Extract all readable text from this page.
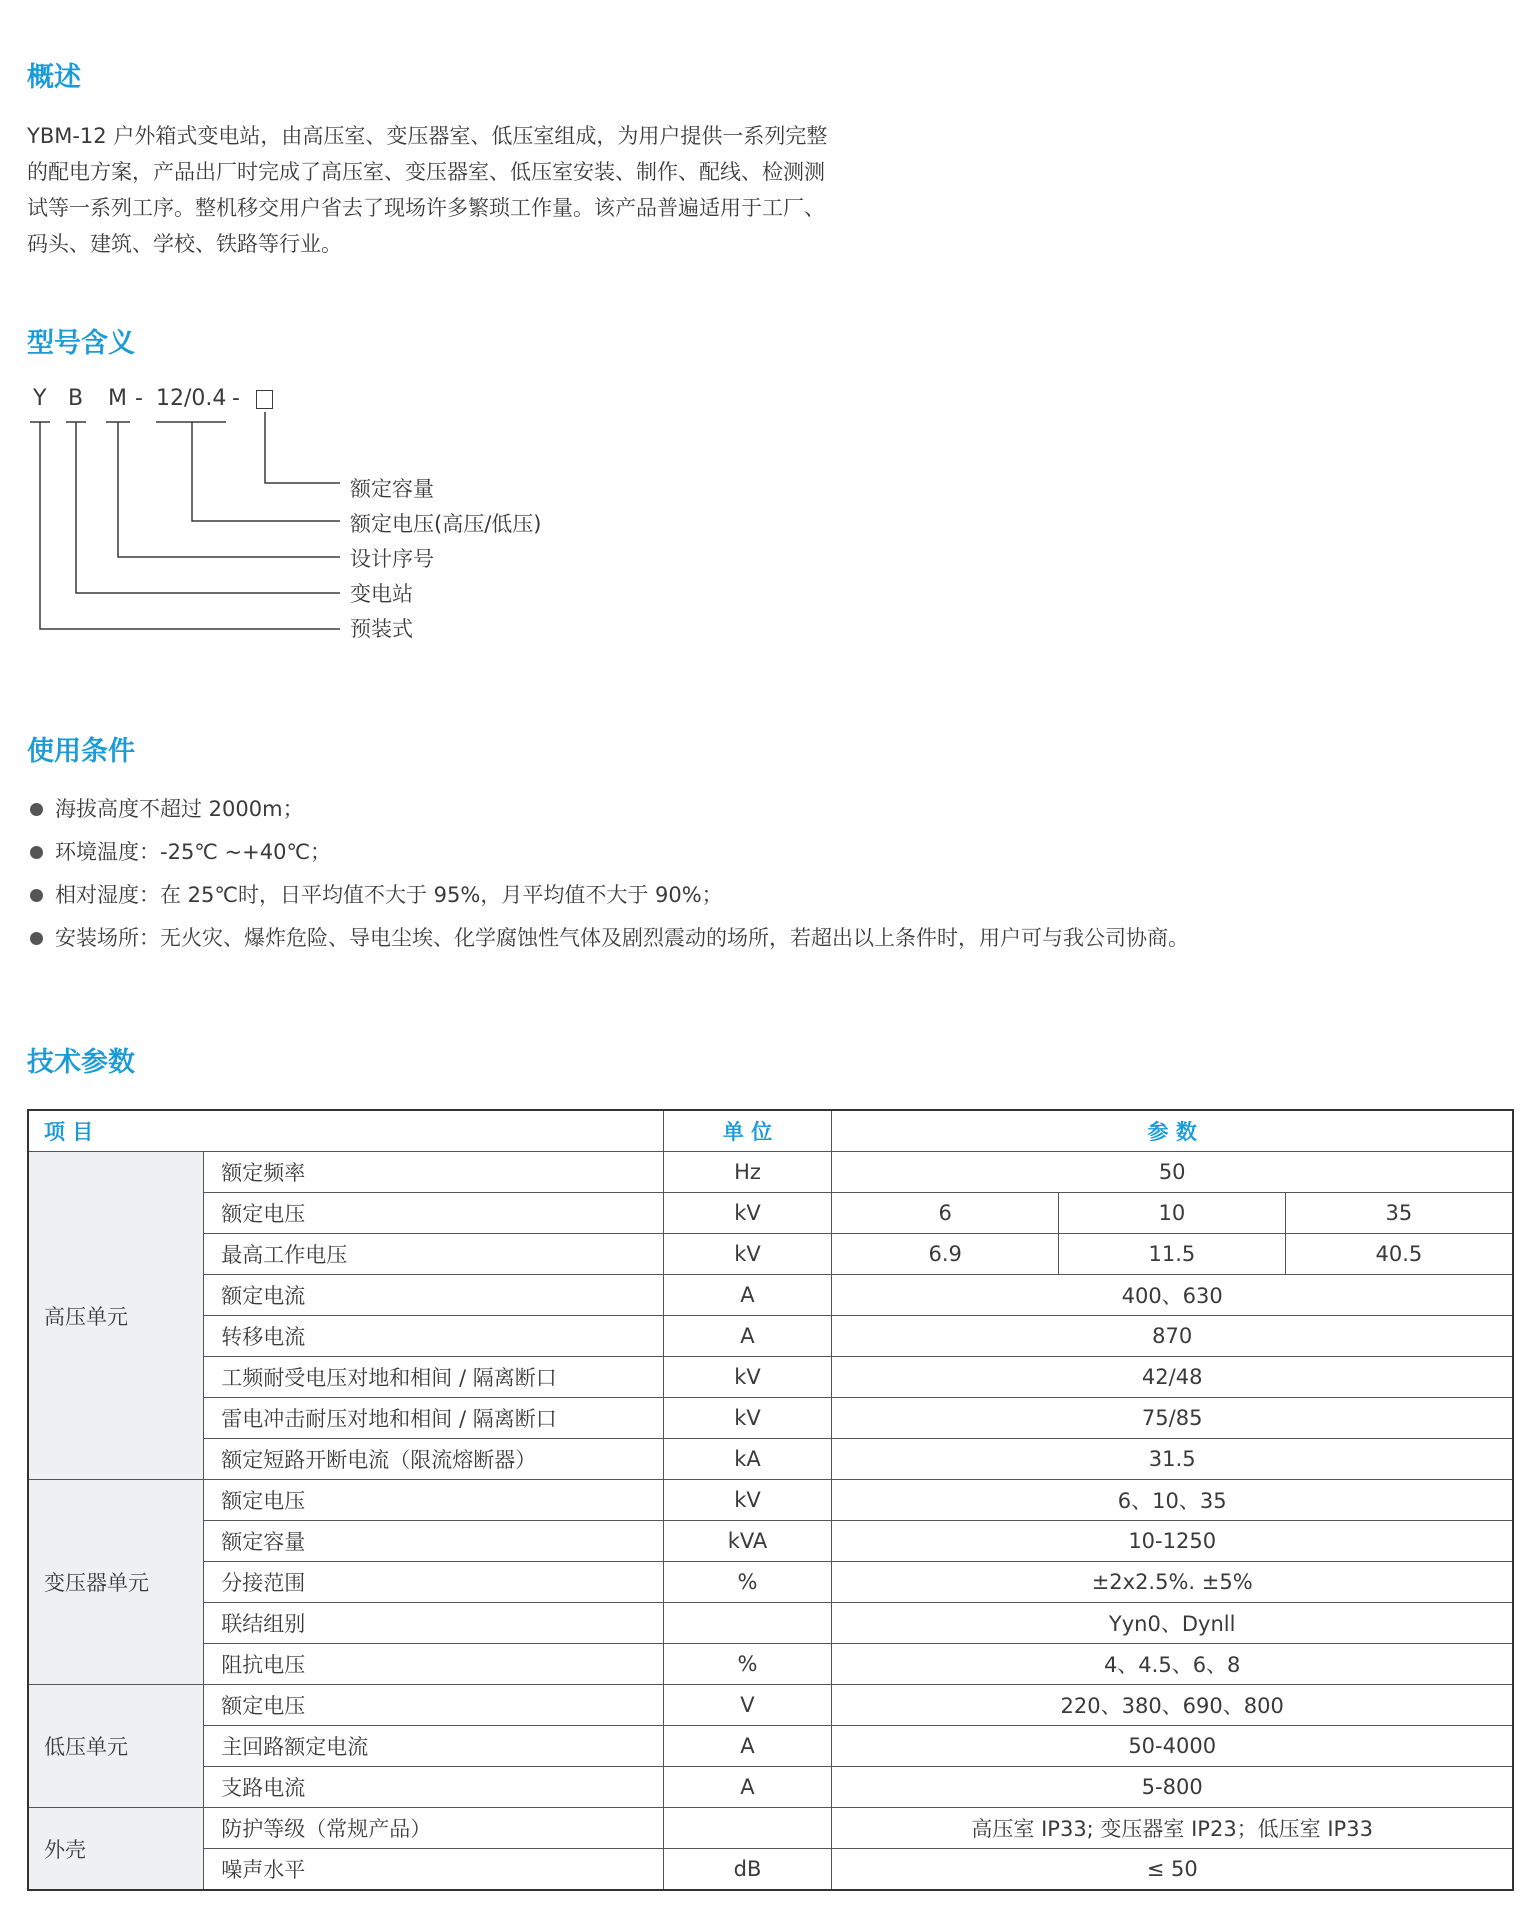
概述
YBM-12 户外箱式变电站，由高压室、变压器室、低压室组成，为用户提供一系列完整
的配电方案，产品出厂时完成了高压室、变压器室、低压室安装、制作、配线、检测测
试等一系列工序。整机移交用户省去了现场许多繁琐工作量。该产品普遍适用于工厂、
码头、建筑、学校、铁路等行业。
型号含义
Y B M - 12/0.4 -
额定容量
额定电压(高压/低压)
设计序号
变电站
预装式
使用条件
海拔高度不超过 2000m；
环境温度：-25℃ ~+40℃；
相对湿度：在 25℃时，日平均值不大于 95%，月平均值不大于 90%；
安装场所：无火灾、爆炸危险、导电尘埃、化学腐蚀性气体及剧烈震动的场所，若超出以上条件时，用户可与我公司协商。
技术参数
项 目		单 位	参 数		
高压单元	额定频率	Hz	50		
	额定电压	kV	6	10	35
	最高工作电压	kV	6.9	11.5	40.5
	额定电流	A	400、630		
	转移电流	A	870		
	工频耐受电压对地和相间 / 隔离断口	kV	42/48		
	雷电冲击耐压对地和相间 / 隔离断口	kV	75/85		
	额定短路开断电流（限流熔断器）	kA	31.5		
变压器单元	额定电压	kV	6、10、35		
	额定容量	kVA	10-1250		
	分接范围	%	±2x2.5%. ±5%		
	联结组别		Yyn0、Dynll		
	阻抗电压	%	4、4.5、6、8		
低压单元	额定电压	V	220、380、690、800		
	主回路额定电流	A	50-4000		
	支路电流	A	5-800		
外壳	防护等级（常规产品）		高压室 IP33; 变压器室 IP23；低压室 IP33		
	噪声水平	dB	≤ 50		
